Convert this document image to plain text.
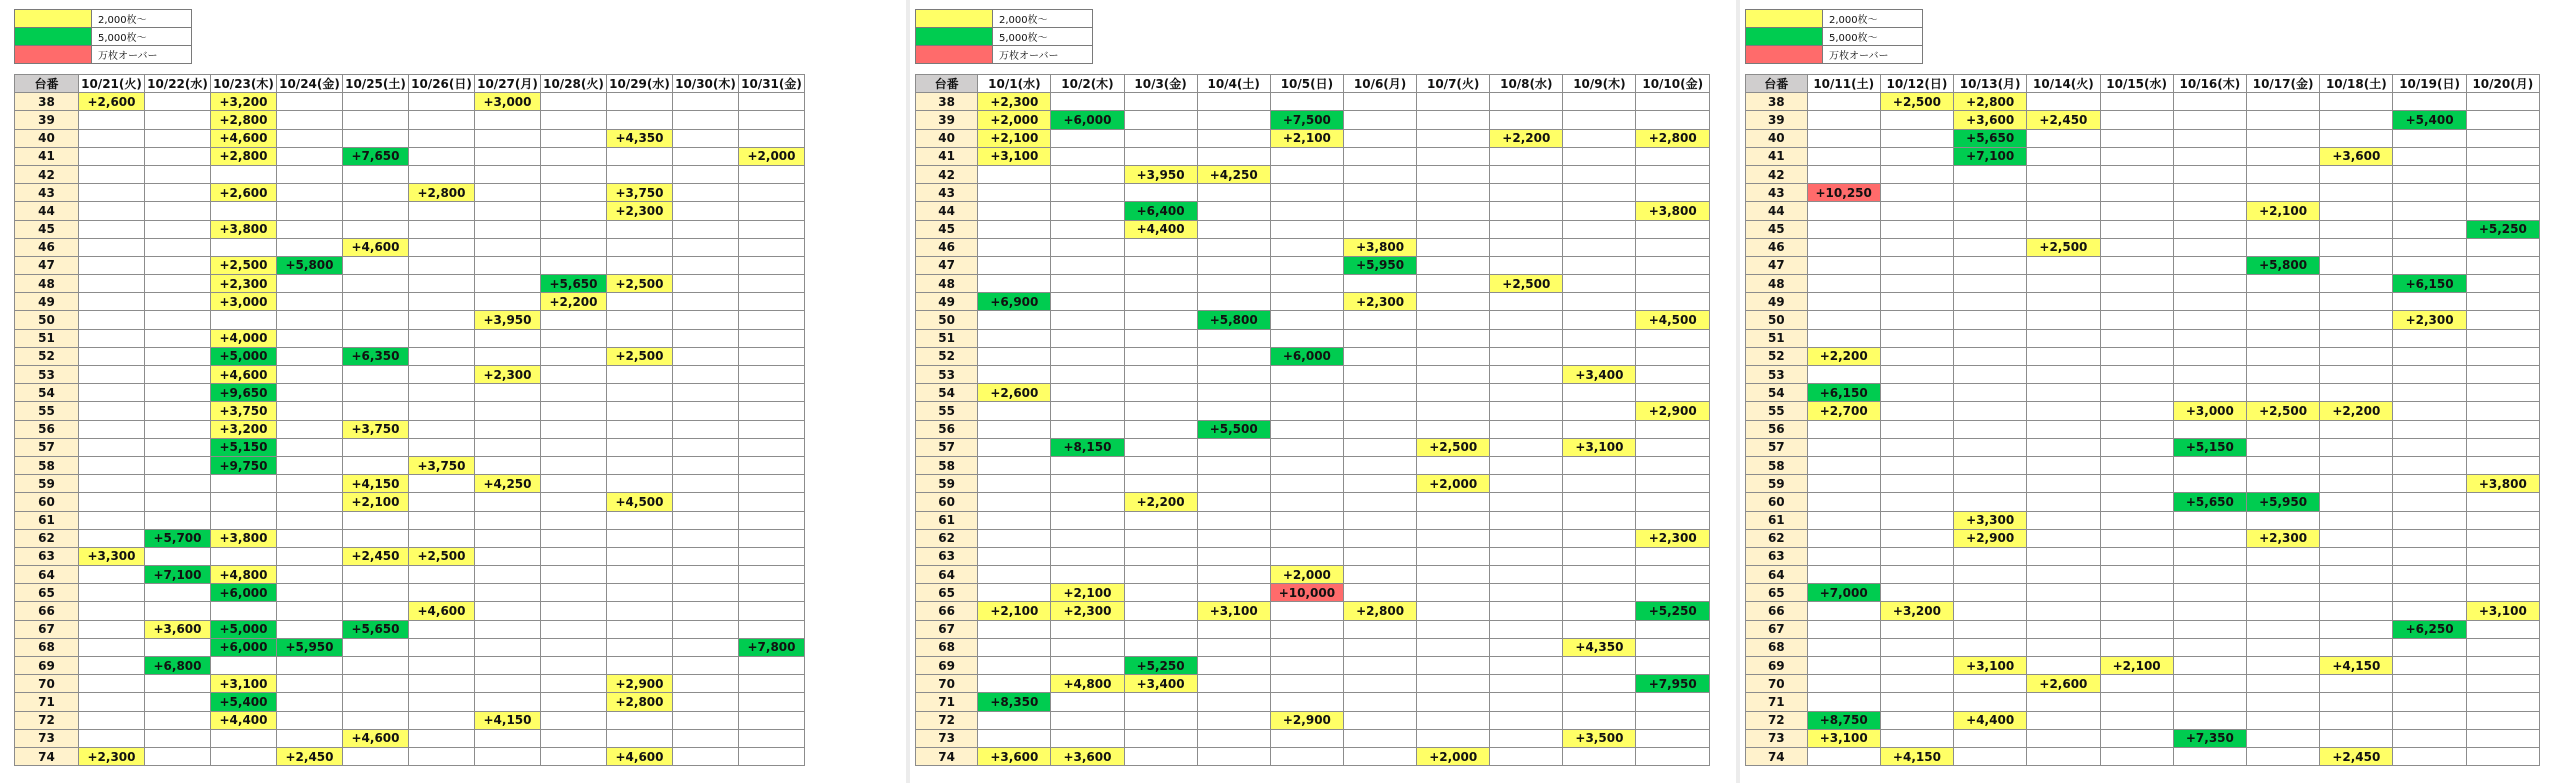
	2,000枚～
	5,000枚～
	万枚オーバー
台番	10/21(火)	10/22(水)	10/23(木)	10/24(金)	10/25(土)	10/26(日)	10/27(月)	10/28(火)	10/29(水)	10/30(木)	10/31(金)
38	+2,600		+3,200				+3,000				
39			+2,800								
40			+4,600						+4,350		
41			+2,800		+7,650						+2,000
42											
43			+2,600			+2,800			+3,750		
44									+2,300		
45			+3,800								
46					+4,600						
47			+2,500	+5,800							
48			+2,300					+5,650	+2,500		
49			+3,000					+2,200			
50							+3,950				
51			+4,000								
52			+5,000		+6,350				+2,500		
53			+4,600				+2,300				
54			+9,650								
55			+3,750								
56			+3,200		+3,750						
57			+5,150								
58			+9,750			+3,750					
59					+4,150		+4,250				
60					+2,100				+4,500		
61											
62		+5,700	+3,800								
63	+3,300				+2,450	+2,500					
64		+7,100	+4,800								
65			+6,000								
66						+4,600					
67		+3,600	+5,000		+5,650						
68			+6,000	+5,950							+7,800
69		+6,800									
70			+3,100						+2,900		
71			+5,400						+2,800		
72			+4,400				+4,150				
73					+4,600						
74	+2,300			+2,450					+4,600		
	2,000枚～
	5,000枚～
	万枚オーバー
台番	10/1(水)	10/2(木)	10/3(金)	10/4(土)	10/5(日)	10/6(月)	10/7(火)	10/8(水)	10/9(木)	10/10(金)
38	+2,300									
39	+2,000	+6,000			+7,500					
40	+2,100				+2,100			+2,200		+2,800
41	+3,100									
42			+3,950	+4,250						
43										
44			+6,400							+3,800
45			+4,400							
46						+3,800				
47						+5,950				
48								+2,500		
49	+6,900					+2,300				
50				+5,800						+4,500
51										
52					+6,000					
53									+3,400	
54	+2,600									
55										+2,900
56				+5,500						
57		+8,150					+2,500		+3,100	
58										
59							+2,000			
60			+2,200							
61										
62										+2,300
63										
64					+2,000					
65		+2,100			+10,000					
66	+2,100	+2,300		+3,100		+2,800				+5,250
67										
68									+4,350	
69			+5,250							
70		+4,800	+3,400							+7,950
71	+8,350									
72					+2,900					
73									+3,500	
74	+3,600	+3,600					+2,000			
	2,000枚～
	5,000枚～
	万枚オーバー
台番	10/11(土)	10/12(日)	10/13(月)	10/14(火)	10/15(水)	10/16(木)	10/17(金)	10/18(土)	10/19(日)	10/20(月)
38		+2,500	+2,800							
39			+3,600	+2,450					+5,400	
40			+5,650							
41			+7,100					+3,600		
42										
43	+10,250									
44							+2,100			
45										+5,250
46				+2,500						
47							+5,800			
48									+6,150	
49										
50									+2,300	
51										
52	+2,200									
53										
54	+6,150									
55	+2,700					+3,000	+2,500	+2,200		
56										
57						+5,150				
58										
59										+3,800
60						+5,650	+5,950			
61			+3,300							
62			+2,900				+2,300			
63										
64										
65	+7,000									
66		+3,200								+3,100
67									+6,250	
68										
69			+3,100		+2,100			+4,150		
70				+2,600						
71										
72	+8,750		+4,400							
73	+3,100					+7,350				
74		+4,150						+2,450		
